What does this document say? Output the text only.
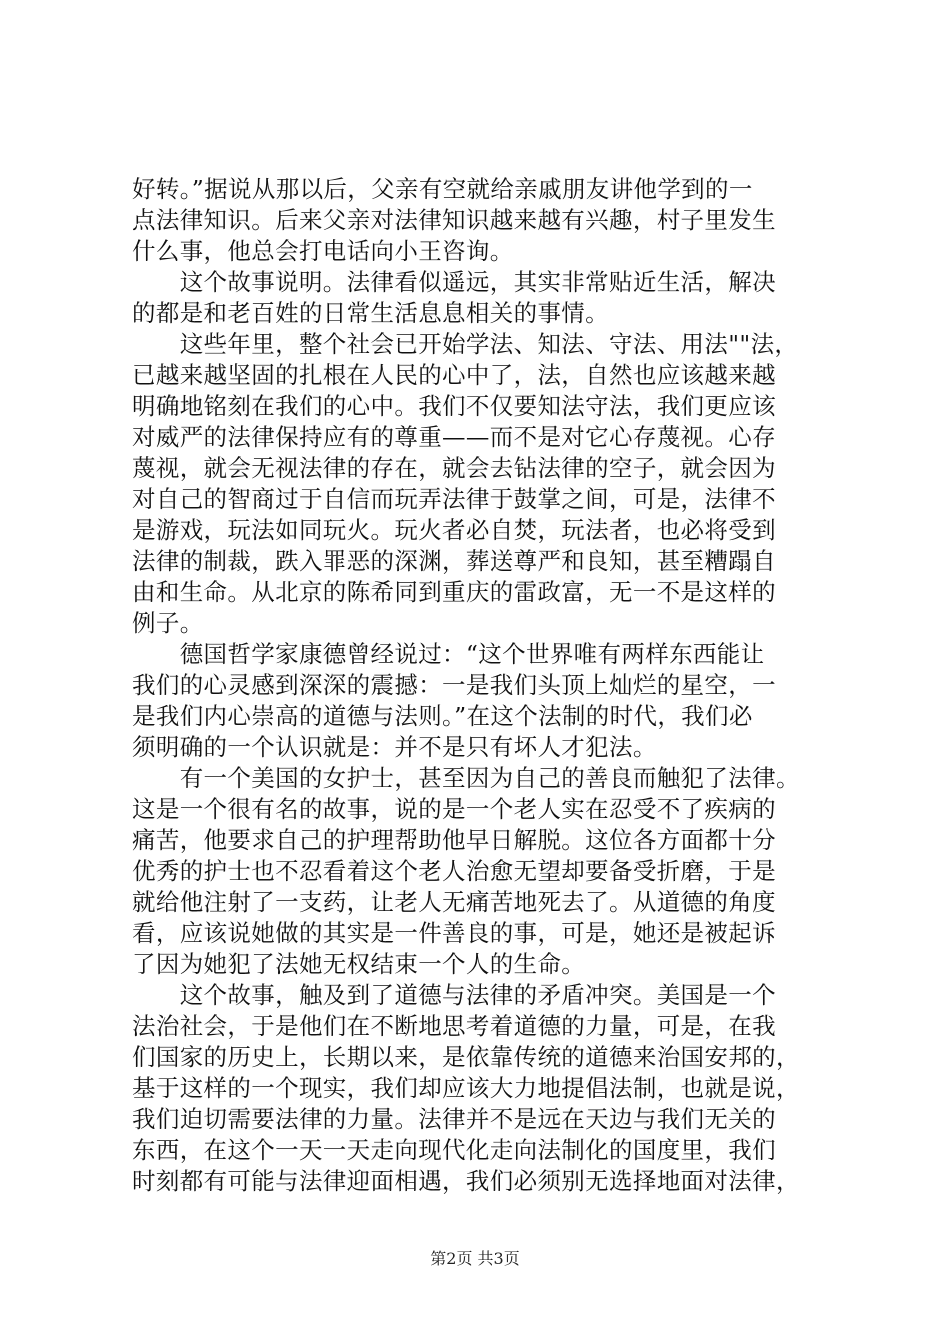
好转。”据说从那以后，父亲有空就给亲戚朋友讲他学到的一
点法律知识。后来父亲对法律知识越来越有兴趣，村子里发生
什么事，他总会打电话向小王咨询。
　　这个故事说明。法律看似遥远，其实非常贴近生活，解决
的都是和老百姓的日常生活息息相关的事情。
　　这些年里，整个社会已开始学法、知法、守法、用法""法，
已越来越坚固的扎根在人民的心中了，法，自然也应该越来越
明确地铭刻在我们的心中。我们不仅要知法守法，我们更应该
对威严的法律保持应有的尊重——而不是对它心存蔑视。心存
蔑视，就会无视法律的存在，就会去钻法律的空子，就会因为
对自己的智商过于自信而玩弄法律于鼓掌之间，可是，法律不
是游戏，玩法如同玩火。玩火者必自焚，玩法者，也必将受到
法律的制裁，跌入罪恶的深渊，葬送尊严和良知，甚至糟蹋自
由和生命。从北京的陈希同到重庆的雷政富，无一不是这样的
例子。
　　德国哲学家康德曾经说过：“这个世界唯有两样东西能让
我们的心灵感到深深的震撼：一是我们头顶上灿烂的星空，一
是我们内心崇高的道德与法则。”在这个法制的时代，我们必
须明确的一个认识就是：并不是只有坏人才犯法。
　　有一个美国的女护士，甚至因为自己的善良而触犯了法律。
这是一个很有名的故事，说的是一个老人实在忍受不了疾病的
痛苦，他要求自己的护理帮助他早日解脱。这位各方面都十分
优秀的护士也不忍看着这个老人治愈无望却要备受折磨，于是
就给他注射了一支药，让老人无痛苦地死去了。从道德的角度
看，应该说她做的其实是一件善良的事，可是，她还是被起诉
了因为她犯了法她无权结束一个人的生命。
　　这个故事，触及到了道德与法律的矛盾冲突。美国是一个
法治社会，于是他们在不断地思考着道德的力量，可是，在我
们国家的历史上，长期以来，是依靠传统的道德来治国安邦的，
基于这样的一个现实，我们却应该大力地提倡法制，也就是说，
我们迫切需要法律的力量。法律并不是远在天边与我们无关的
东西，在这个一天一天走向现代化走向法制化的国度里，我们
时刻都有可能与法律迎面相遇，我们必须别无选择地面对法律，
第2页 共3页
